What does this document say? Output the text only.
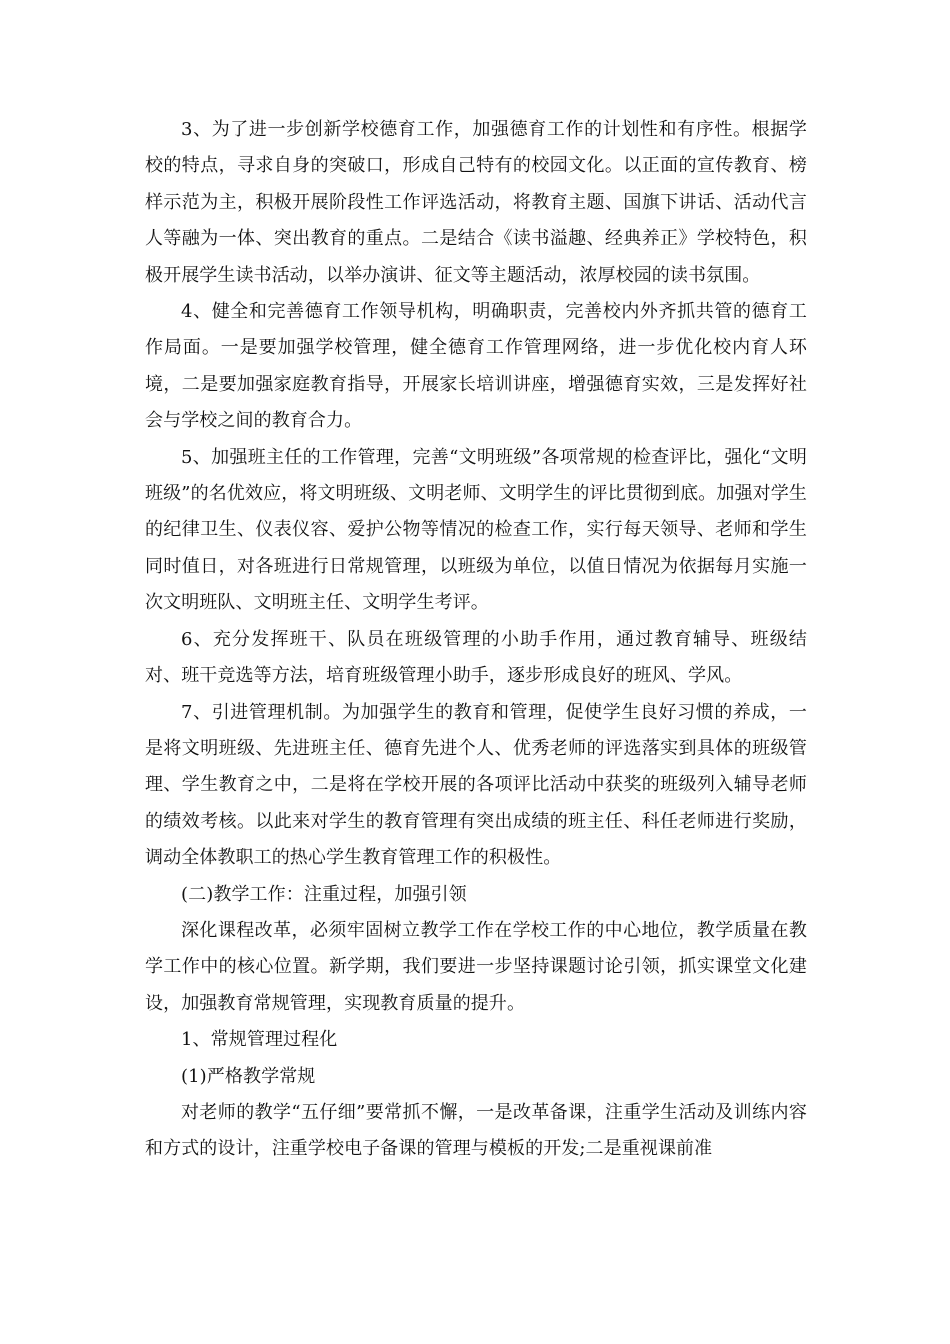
3、为了进一步创新学校德育工作，加强德育工作的计划性和有序性。根据学校的特点，寻求自身的突破口，形成自己特有的校园文化。以正面的宣传教育、榜样示范为主，积极开展阶段性工作评选活动，将教育主题、国旗下讲话、活动代言人等融为一体、突出教育的重点。二是结合《读书溢趣、经典养正》学校特色，积极开展学生读书活动，以举办演讲、征文等主题活动，浓厚校园的读书氛围。

4、健全和完善德育工作领导机构，明确职责，完善校内外齐抓共管的德育工作局面。一是要加强学校管理，健全德育工作管理网络，进一步优化校内育人环境，二是要加强家庭教育指导，开展家长培训讲座，增强德育实效，三是发挥好社会与学校之间的教育合力。

5、加强班主任的工作管理，完善“文明班级”各项常规的检查评比，强化“文明班级”的名优效应，将文明班级、文明老师、文明学生的评比贯彻到底。加强对学生的纪律卫生、仪表仪容、爱护公物等情况的检查工作，实行每天领导、老师和学生同时值日，对各班进行日常规管理，以班级为单位，以值日情况为依据每月实施一次文明班队、文明班主任、文明学生考评。

6、充分发挥班干、队员在班级管理的小助手作用，通过教育辅导、班级结对、班干竞选等方法，培育班级管理小助手，逐步形成良好的班风、学风。

7、引进管理机制。为加强学生的教育和管理，促使学生良好习惯的养成，一是将文明班级、先进班主任、德育先进个人、优秀老师的评选落实到具体的班级管理、学生教育之中，二是将在学校开展的各项评比活动中获奖的班级列入辅导老师的绩效考核。以此来对学生的教育管理有突出成绩的班主任、科任老师进行奖励，调动全体教职工的热心学生教育管理工作的积极性。

(二)教学工作：注重过程，加强引领

深化课程改革，必须牢固树立教学工作在学校工作的中心地位，教学质量在教学工作中的核心位置。新学期，我们要进一步坚持课题讨论引领，抓实课堂文化建设，加强教育常规管理，实现教育质量的提升。

1、常规管理过程化

(1)严格教学常规

对老师的教学“五仔细”要常抓不懈，一是改革备课，注重学生活动及训练内容和方式的设计，注重学校电子备课的管理与模板的开发;二是重视课前准
